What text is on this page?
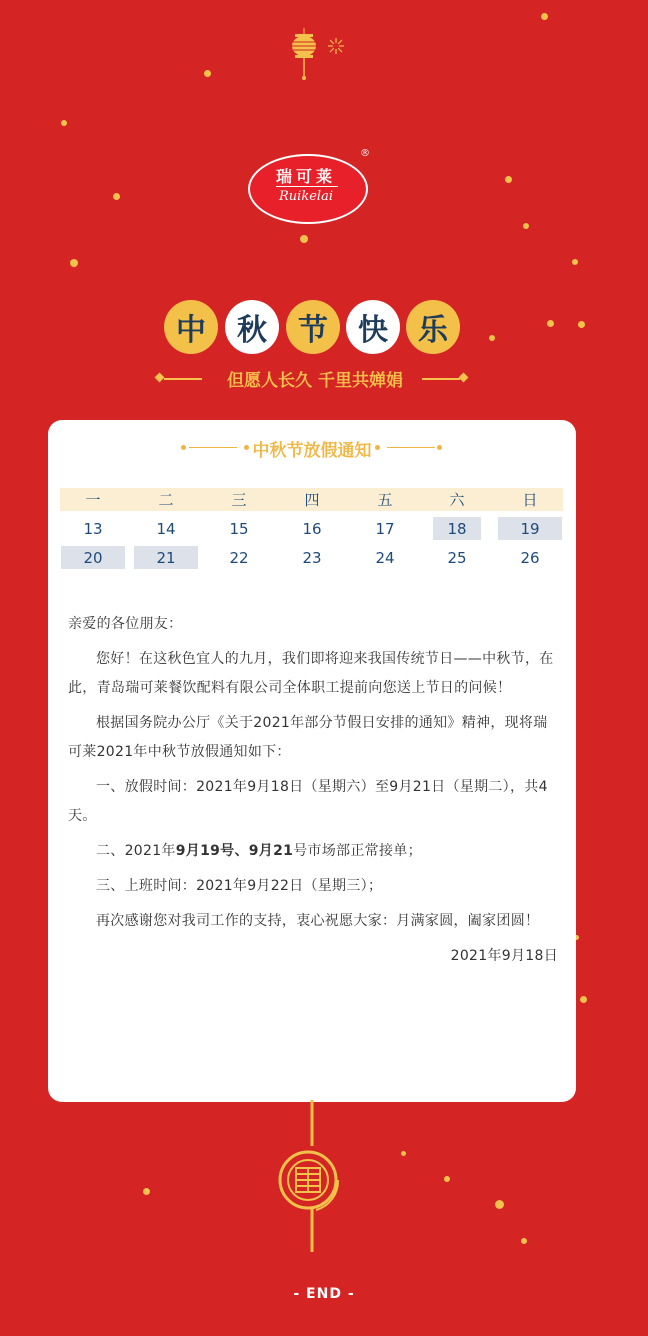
瑞可莱
Ruikelai
®
中	秋	节	快	乐
但愿人长久 千里共婵娟
中秋节放假通知
一	二	三	四	五	六	日
13	14	15	16	17	18	19
20	21	22	23	24	25	26

亲爱的各位朋友：

您好！在这秋色宜人的九月，我们即将迎来我国传统节日——中秋节，在此，青岛瑞可莱餐饮配料有限公司全体职工提前向您送上节日的问候！

根据国务院办公厅《关于2021年部分节假日安排的通知》精神，现将瑞可莱2021年中秋节放假通知如下：

一、放假时间：2021年9月18日（星期六）至9月21日（星期二），共4天。

二、2021年9月19号、9月21号市场部正常接单；

三、上班时间：2021年9月22日（星期三）；

再次感谢您对我司工作的支持，衷心祝愿大家：月满家圆，阖家团圆！

2021年9月18日

- END -
